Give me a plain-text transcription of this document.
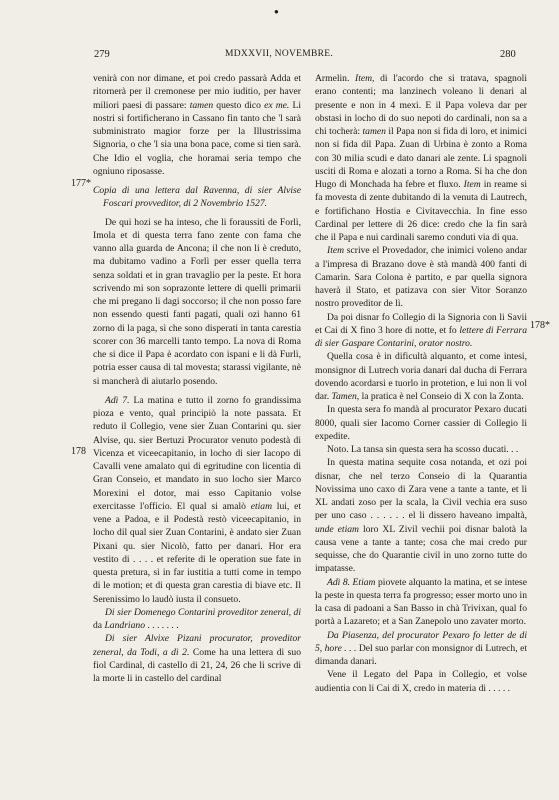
●
279	MDXXVII, NOVEMBRE.	280
177*
178
178*

venirà con nor dimane, et poi credo passarà Adda et ritornerà per il cremonese per mio iuditio, per haver miliori paesi di passare: tamen questo dico ex me. Li nostri si fortificherano in Cassano fin tanto che 'l sarà subministrato magior forze per la Illustrissima Signoria, o che 'l sia una bona pace, come si tien sarà. Che Idio el voglia, che horamai seria tempo che ogniuno riposasse.

Copia di una lettera dal Ravenna, di sier Alvise Foscari provveditor, di 2 Novembrio 1527.

De qui hozi se ha inteso, che li foraussiti de Forlì, Imola et di questa terra fano zente con fama che vanno alla guarda de Ancona; il che non li è creduto, ma dubitamo vadino a Forlì per esser quella terra senza soldati et in gran travaglio per la peste. Et hora scrivendo mi son soprazonte lettere di quelli primarii che mi pregano li dagi soccorso; il che non posso fare non essendo questi fanti pagati, quali ozi hanno 61 zorno di la paga, sì che sono disperati in tanta carestia scorer con 36 marcelli tanto tempo. La nova di Roma che si dice il Papa è acordato con ispani e li dà Furlì, potria esser causa di tal movesta; starassi vigilante, nè si mancherà di aiutarlo posendo.

Adì 7. La matina e tutto il zorno fo grandissima pioza e vento, qual principiò la note passata. Et reduto il Collegio, vene sier Zuan Contarini qu. sier Alvise, qu. sier Bertuzi Procurator venuto podestà di Vicenza et viceecapitanio, in locho di sier Iacopo di Cavalli vene amalato qui di egritudine con licentia di Gran Conseio, et mandato in suo locho sier Marco Morexini el dotor, mai esso Capitanio volse exercitasse l'officio. El qual si amalò etiam lui, et vene a Padoa, e il Podestà restò viceecapitanio, in locho dil qual sier Zuan Contarini, è andato sier Zuan Pixani qu. sier Nicolò, fatto per danari. Hor era vestito di . . . . et referite di le operation sue fate in questa pretura, sì in far iustitia a tutti come in tempo di le motion; et di questa gran carestia di biave etc. Il Serenissimo lo laudò iusta il consueto.

Di sier Domenego Contarini proveditor zeneral, di da Landriano . . . . . . .

Di sier Alvixe Pizani procurator, proveditor zeneral, da Todi, a dì 2. Come ha una lettera di suo fiol Cardinal, di castello di 21, 24, 26 che li scrive di la morte li in castello del cardinal

Armelin. Item, di l'acordo che si tratava, spagnoli erano contenti; ma lanzinech voleano li denari al presente e non in 4 mexi. E il Papa voleva dar per obstasi in locho di do suo nepoti do cardinali, non sa a chi tocherà: tamen il Papa non si fida di loro, et inimici non si fida dil Papa. Zuan di Urbina è zonto a Roma con 30 milia scudi e dato danari ale zente. Li spagnoli usciti di Roma e alozati a torno a Roma. Si ha che don Hugo di Monchada ha febre et fluxo. Item in reame si fa movesta di zente dubitando di la venuta di Lautrech, e fortifichano Hostia e Civitavecchia. In fine esso Cardinal per lettere di 26 dice: credo che la fin sarà che il Papa e nui cardinali saremo conduti via di qua.

Item scrive el Provedador, che inimici voleno andar a l'impresa di Brazano dove è stà mandà 400 fanti di Camarin. Sara Colona è partito, e par quella signora haverà il Stato, et patizava con sier Vitor Soranzo nostro proveditor de lì.

Da poi disnar fo Collegio di la Signoria con li Savii et Cai di X fino 3 hore di notte, et fo lettere di Ferrara di sier Gaspare Contarini, orator nostro.

Quella cosa è in dificultà alquanto, et come intesi, monsignor di Lutrech voria danari dal ducha di Ferrara dovendo acordarsi e tuorlo in protetion, e lui non li vol dar. Tamen, la pratica è nel Conseio di X con la Zonta.

In questa sera fo mandà al procurator Pexaro ducati 8000, quali sier Iacomo Corner cassier di Collegio li expedite.

Noto. La tansa sin questa sera ha scosso ducati. . .

In questa matina sequite cosa notanda, et ozi poi disnar, che nel terzo Conseio di la Quarantia Novissima uno caxo di Zara vene a tante a tante, et li XL andati zoso per la scala, la Civil vechia era suso per uno caso . . . . . . el li dissero haveano impaltà, unde etiam loro XL Zivil vechii poi disnar balotà la causa vene a tante a tante; cosa che mai credo pur sequisse, che do Quarantie civil in uno zorno tutte do impatasse.

Adì 8. Etiam piovete alquanto la matina, et se intese la peste in questa terra fa progresso; esser morto uno in la casa di padoani a San Basso in chà Trivixan, qual fo portà a Lazareto; et a San Zanepolo uno zavater morto.

Da Piasenza, del procurator Pexaro fo letter de di 5, hore . . . Del suo parlar con monsignor di Lutrech, et dimanda danari.

Vene il Legato del Papa in Collegio, et volse audientia con li Cai di X, credo in materia di . . . . .
